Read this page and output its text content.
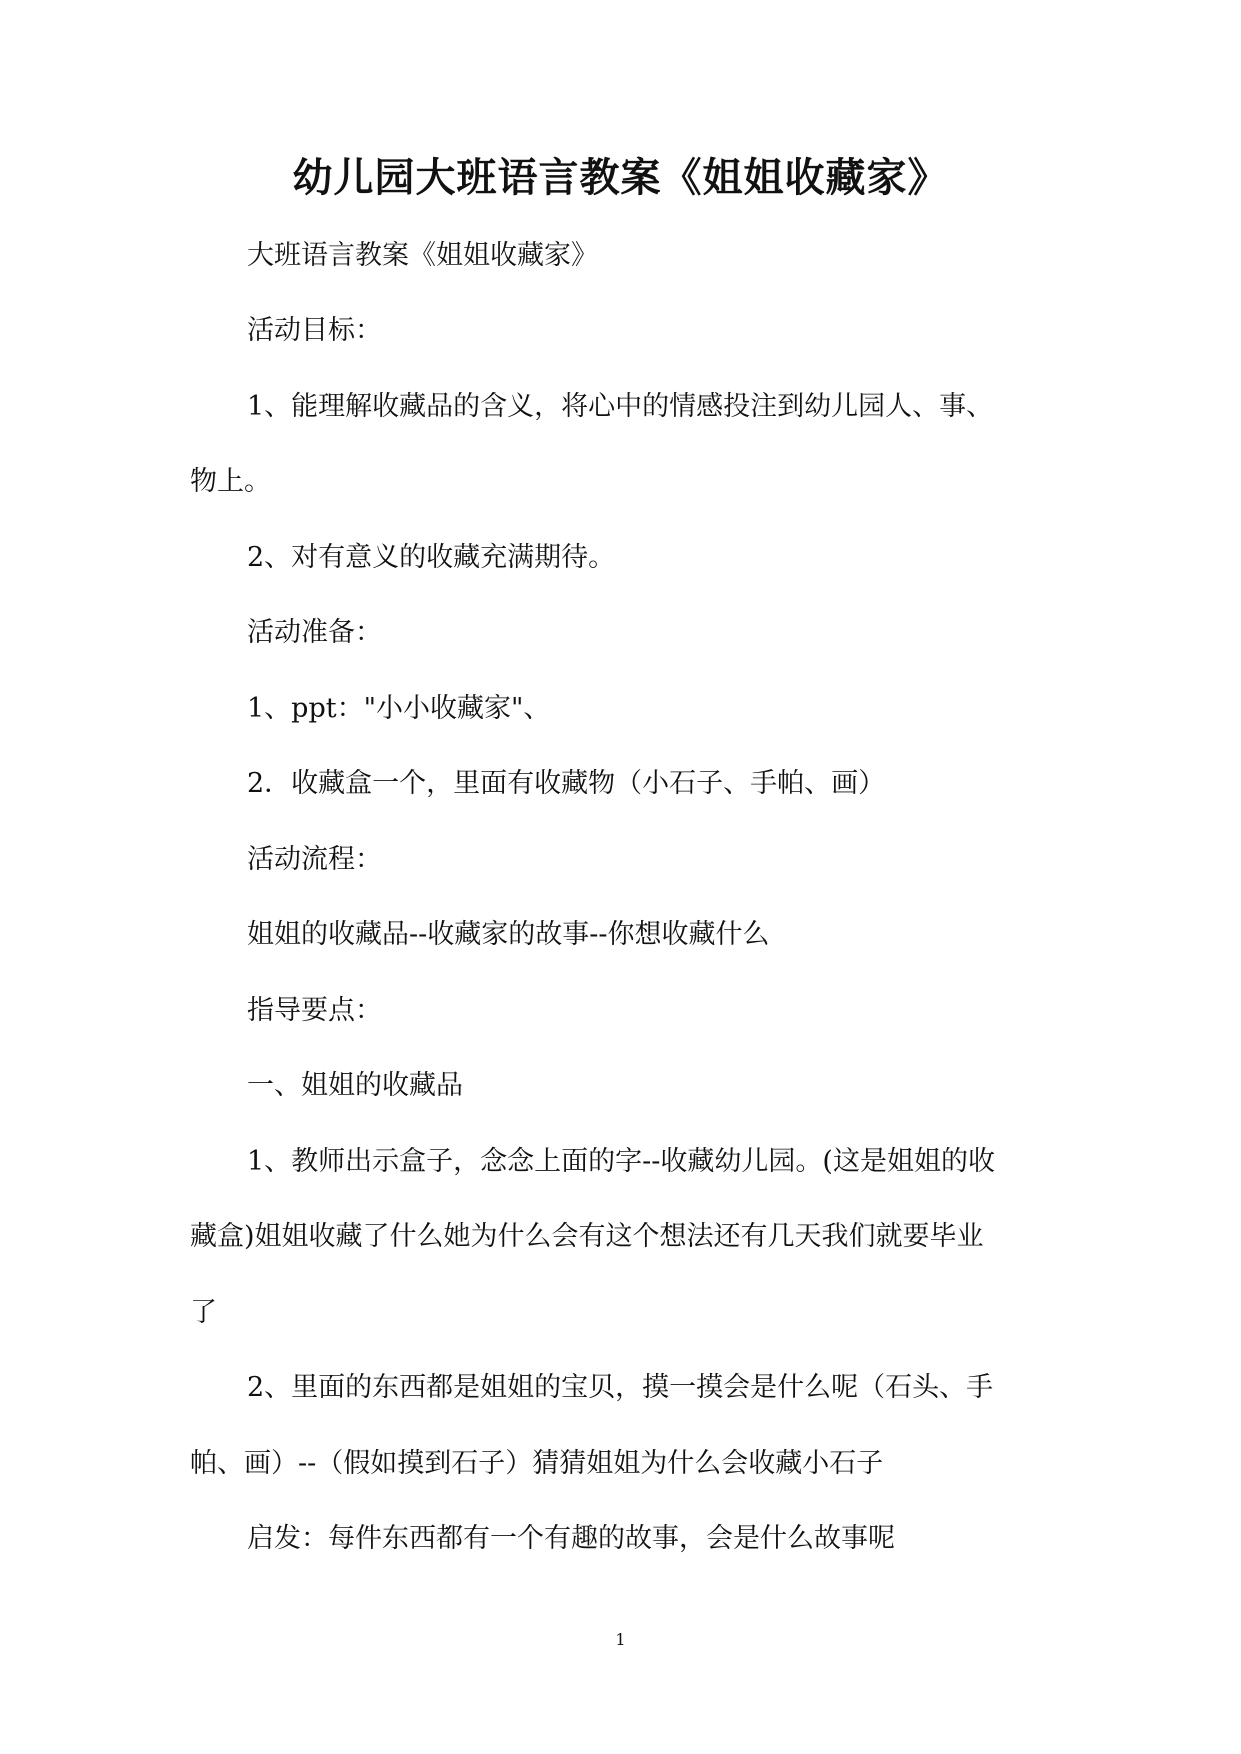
幼儿园大班语言教案《姐姐收藏家》
大班语言教案《姐姐收藏家》
活动目标：
1、能理解收藏品的含义，将心中的情感投注到幼儿园人、事、
物上。
2、对有意义的收藏充满期待。
活动准备：
1、ppt："小小收藏家"、
2．收藏盒一个，里面有收藏物（小石子、手帕、画）
活动流程：
姐姐的收藏品--收藏家的故事--你想收藏什么
指导要点：
一、姐姐的收藏品
1、教师出示盒子，念念上面的字--收藏幼儿园。(这是姐姐的收
藏盒)姐姐收藏了什么她为什么会有这个想法还有几天我们就要毕业
了
2、里面的东西都是姐姐的宝贝，摸一摸会是什么呢（石头、手
帕、画）--（假如摸到石子）猜猜姐姐为什么会收藏小石子
启发：每件东西都有一个有趣的故事，会是什么故事呢
1
